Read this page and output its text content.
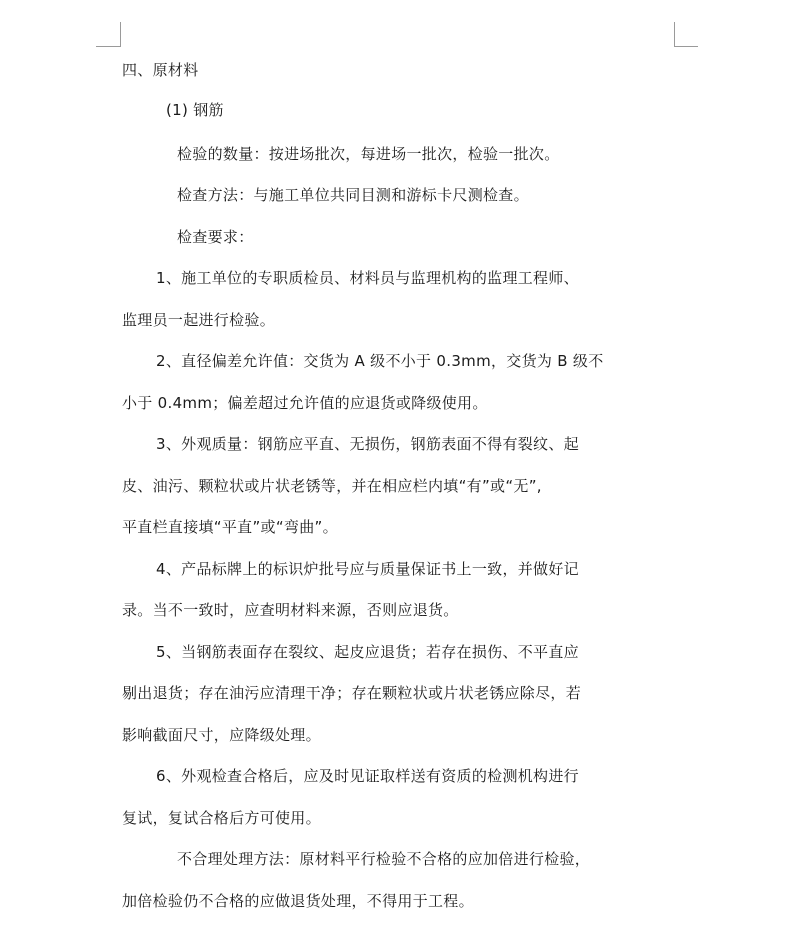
四、原材料
(1) 钢筋
检验的数量：按进场批次，每进场一批次，检验一批次。
检查方法：与施工单位共同目测和游标卡尺测检查。
检查要求：
1、施工单位的专职质检员、材料员与监理机构的监理工程师、
监理员一起进行检验。
2、直径偏差允许值：交货为 A 级不小于 0.3mm，交货为 B 级不
小于 0.4mm；偏差超过允许值的应退货或降级使用。
3、外观质量：钢筋应平直、无损伤，钢筋表面不得有裂纹、起
皮、油污、颗粒状或片状老锈等，并在相应栏内填“有”或“无”,
平直栏直接填“平直”或“弯曲”。
4、产品标牌上的标识炉批号应与质量保证书上一致，并做好记
录。当不一致时，应查明材料来源，否则应退货。
5、当钢筋表面存在裂纹、起皮应退货；若存在损伤、不平直应
剔出退货；存在油污应清理干净；存在颗粒状或片状老锈应除尽，若
影响截面尺寸，应降级处理。
6、外观检查合格后，应及时见证取样送有资质的检测机构进行
复试，复试合格后方可使用。
不合理处理方法：原材料平行检验不合格的应加倍进行检验，
加倍检验仍不合格的应做退货处理，不得用于工程。
